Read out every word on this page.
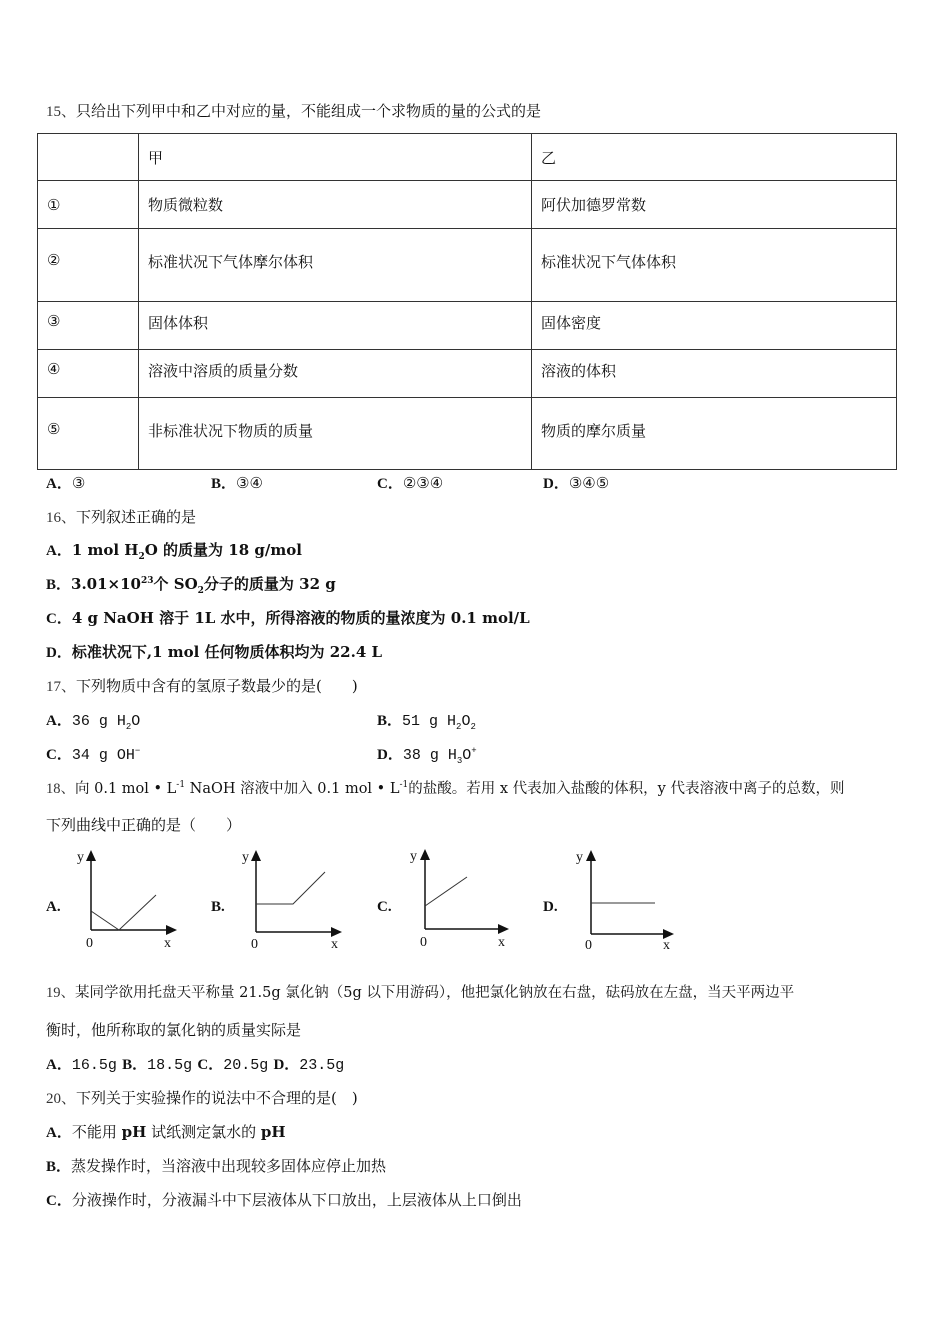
15、只给出下列甲中和乙中对应的量，不能组成一个求物质的量的公式的是
	甲	乙
①	物质微粒数	阿伏加德罗常数
②	标准状况下气体摩尔体积	标准状况下气体体积
③	固体体积	固体密度
④	溶液中溶质的质量分数	溶液的体积
⑤	非标准状况下物质的质量	物质的摩尔质量
A．③	B．③④	C．②③④	D．③④⑤
16、下列叙述正确的是
A．1 mol $H_2O$ 的质量为 18 g/mol
B．$3.01\times 10^{23}$个 $SO_2$分子的质量为 32 g
C．4 g NaOH 溶于 1L 水中，所得溶液的物质的量浓度为 0.1 mol/L
D．标准状况下,1 mol 任何物质体积均为 22.4 L
17、下列物质中含有的氢原子数最少的是(　　)
A．36 g $H_2O$	B．51 g $H_2O_2$
C．34 g OH−	D．38 g $H_3O^+$
18、向 0.1 mol • $L^{-1}$ NaOH 溶液中加入 0.1 mol • $L^{-1}$的盐酸。若用 x 代表加入盐酸的体积，y 代表溶液中离子的总数，则
下列曲线中正确的是（　　）
A.
y
0	x
B.
y
0	x
C.
y
0	x
D.
y
0	x
19、某同学欲用托盘天平称量 21.5g 氯化钠（5g 以下用游码），他把氯化钠放在右盘，砝码放在左盘，当天平两边平
衡时，他所称取的氯化钠的质量实际是
A．16.5g B．18.5g C．20.5g D．23.5g
20、下列关于实验操作的说法中不合理的是(　)
A．不能用 pH 试纸测定氯水的 pH
B．蒸发操作时，当溶液中出现较多固体应停止加热
C．分液操作时，分液漏斗中下层液体从下口放出，上层液体从上口倒出
